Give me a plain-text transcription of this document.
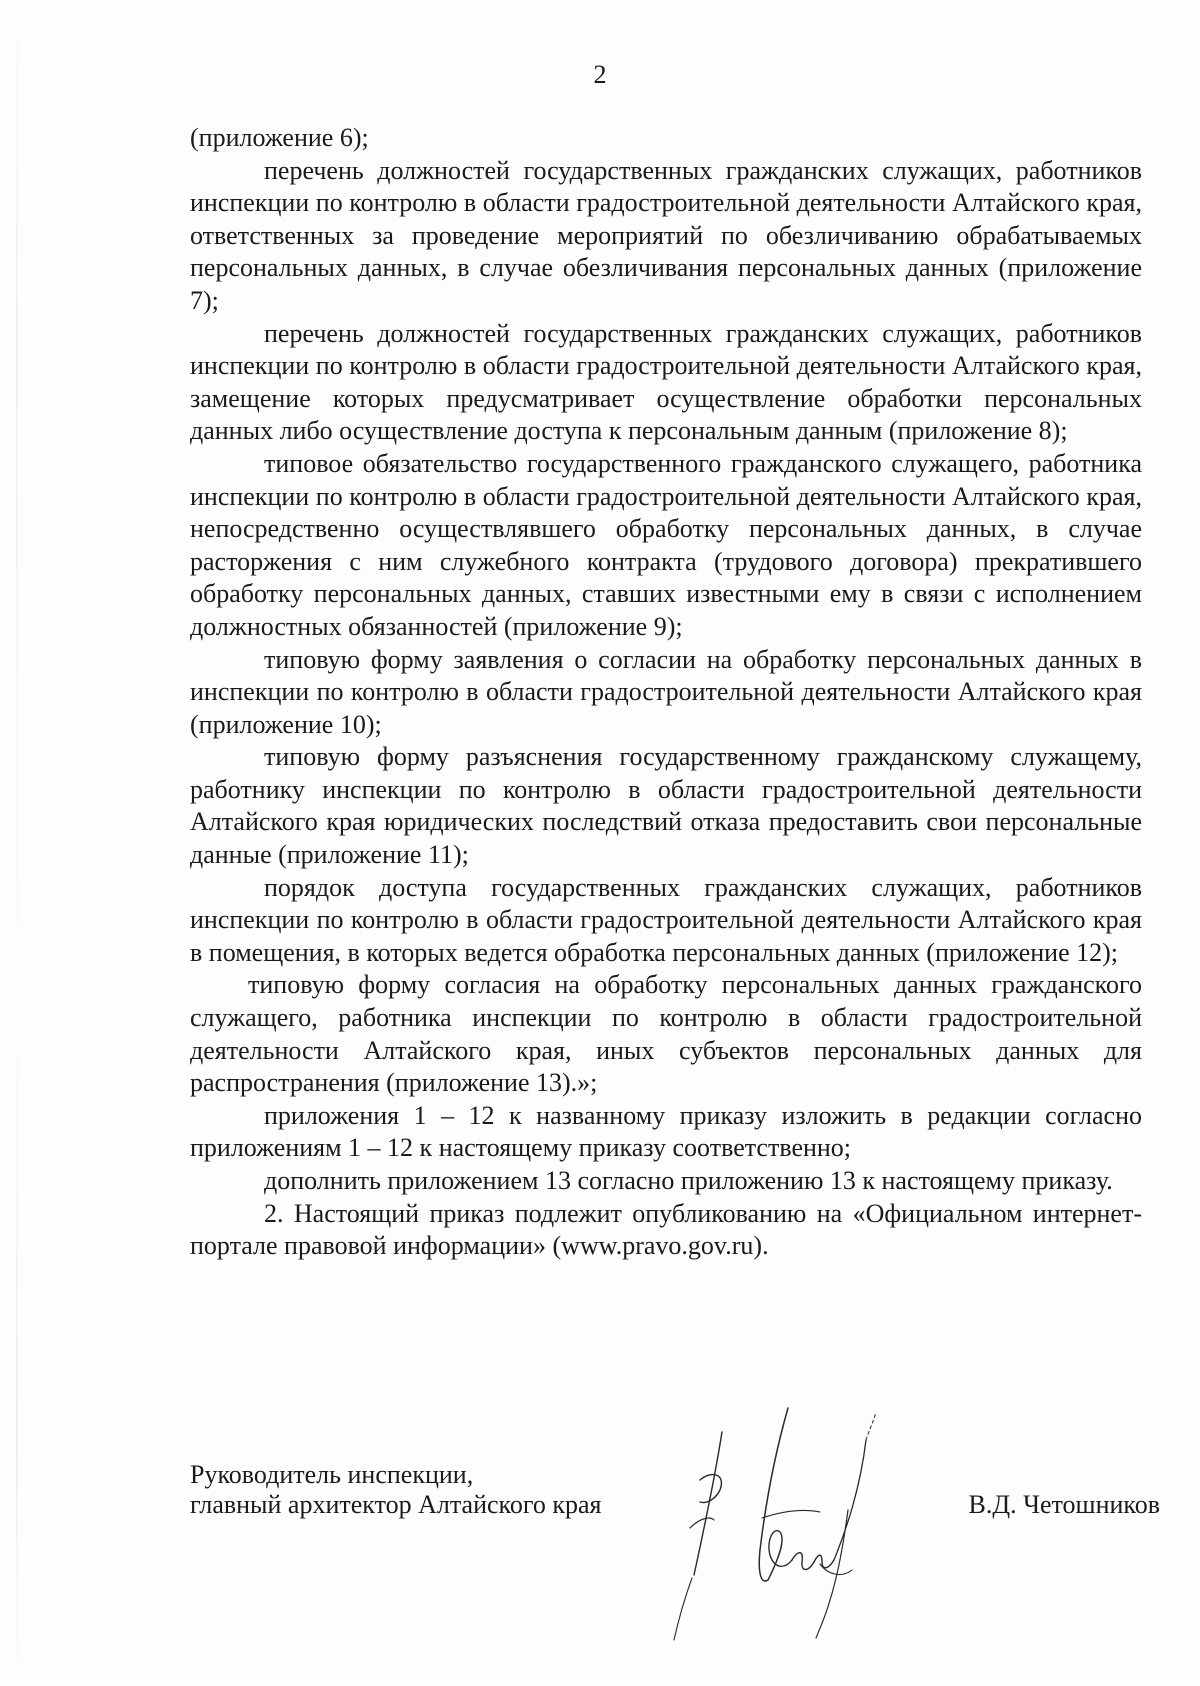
2

(приложение 6);

перечень должностей государственных гражданских служащих, работников инспекции по контролю в области градостроительной деятельности Алтайского края, ответственных за проведение мероприятий по обезличиванию обрабатываемых персональных данных, в случае обезличивания персональных данных (приложение 7);

перечень должностей государственных гражданских служащих, работников инспекции по контролю в области градостроительной деятельности Алтайского края, замещение которых предусматривает осуществление обработки персональных данных либо осуществление доступа к персональным данным (приложение 8);

типовое обязательство государственного гражданского служащего, работника инспекции по контролю в области градостроительной деятельности Алтайского края, непосредственно осуществлявшего обработку персональных данных, в случае расторжения с ним служебного контракта (трудового договора) прекратившего обработку персональных данных, ставших известными ему в связи с исполнением должностных обязанностей (приложение 9);

типовую форму заявления о согласии на обработку персональных данных в инспекции по контролю в области градостроительной деятельности Алтайского края (приложение 10);

типовую форму разъяснения государственному гражданскому служащему, работнику инспекции по контролю в области градостроительной деятельности Алтайского края юридических последствий отказа предоставить свои персональные данные (приложение 11);

порядок доступа государственных гражданских служащих, работников инспекции по контролю в области градостроительной деятельности Алтайского края в помещения, в которых ведется обработка персональных данных (приложение 12);

типовую форму согласия на обработку персональных данных гражданского служащего, работника инспекции по контролю в области градостроительной деятельности Алтайского края, иных субъектов персональных данных для распространения (приложение 13).»;

приложения 1 – 12 к названному приказу изложить в редакции согласно приложениям 1 – 12 к настоящему приказу соответственно;

дополнить приложением 13 согласно приложению 13 к настоящему приказу.

2. Настоящий приказ подлежит опубликованию на «Официальном интернет-портале правовой информации» (www.pravo.gov.ru).

Руководитель инспекции,
главный архитектор Алтайского края	В.Д. Четошников
